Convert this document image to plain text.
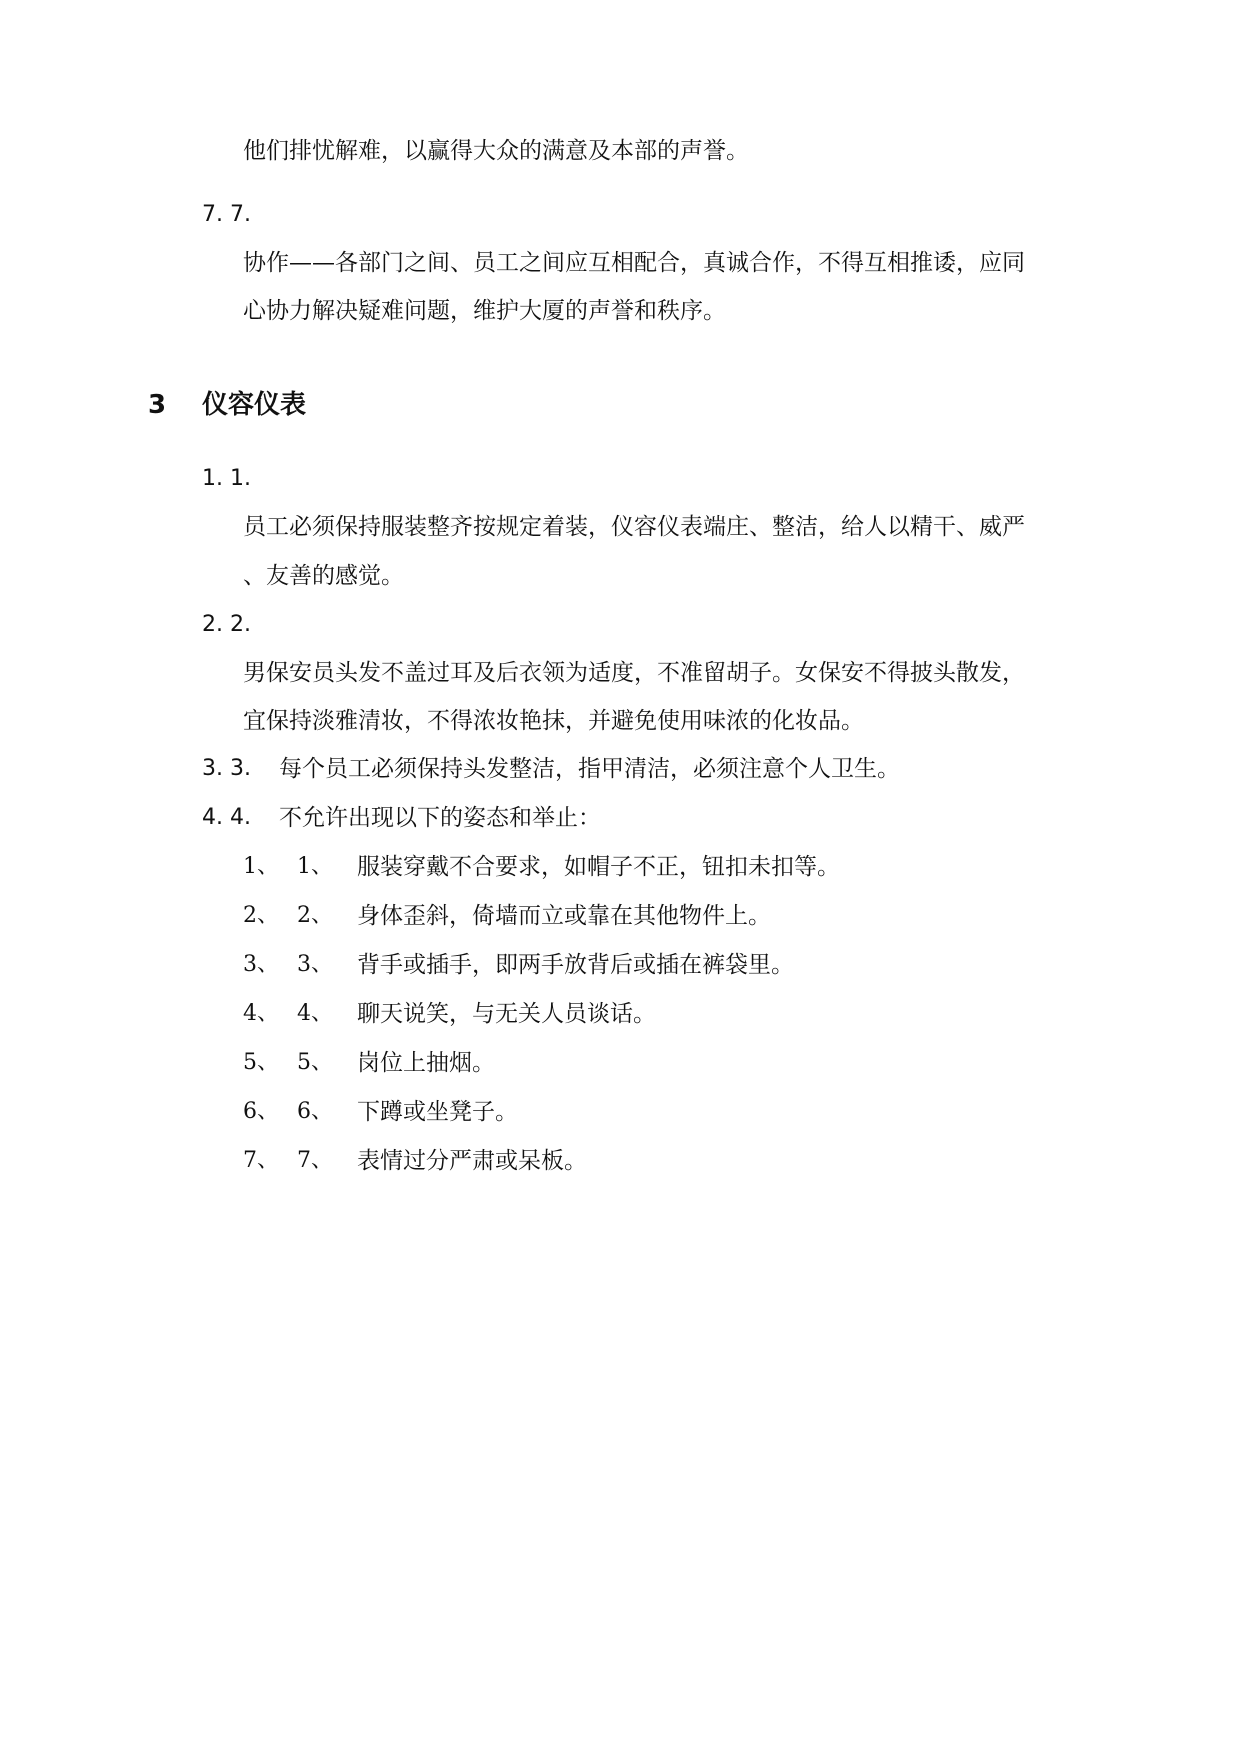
他们排忧解难，以赢得大众的满意及本部的声誉。
7. 7.
协作——各部门之间、员工之间应互相配合，真诚合作，不得互相推诿，应同
心协力解决疑难问题，维护大厦的声誉和秩序。
3 仪容仪表
1. 1.
员工必须保持服装整齐按规定着装，仪容仪表端庄、整洁，给人以精干、威严
、友善的感觉。
2. 2.
男保安员头发不盖过耳及后衣领为适度，不准留胡子。女保安不得披头散发，
宜保持淡雅清妆，不得浓妆艳抹，并避免使用味浓的化妆品。
3. 3. 每个员工必须保持头发整洁，指甲清洁，必须注意个人卫生。
4. 4. 不允许出现以下的姿态和举止：
1、 1、 服装穿戴不合要求，如帽子不正，钮扣未扣等。
2、 2、 身体歪斜，倚墙而立或靠在其他物件上。
3、 3、 背手或插手，即两手放背后或插在裤袋里。
4、 4、 聊天说笑，与无关人员谈话。
5、 5、 岗位上抽烟。
6、 6、 下蹲或坐凳子。
7、 7、 表情过分严肃或呆板。
